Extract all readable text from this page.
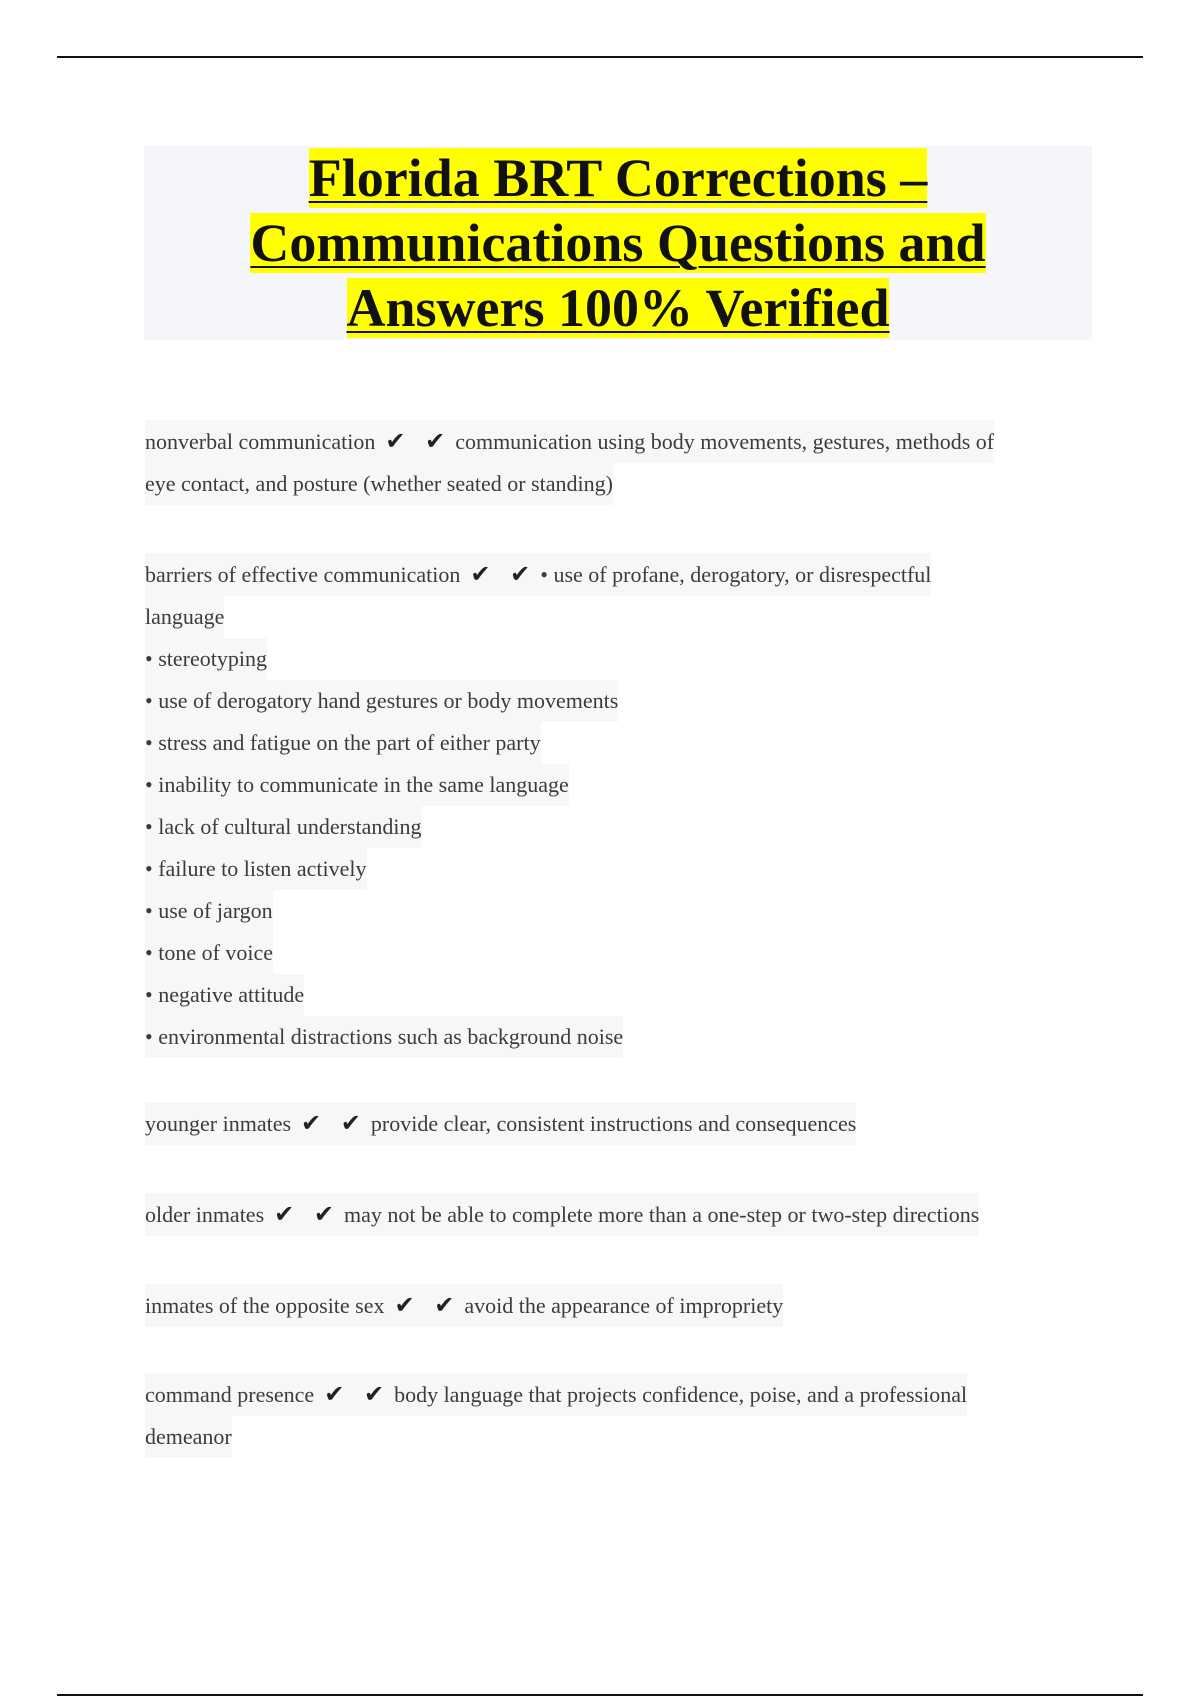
Florida BRT Corrections –
Communications Questions and
Answers 100% Verified
nonverbal communication ✔ ✔ communication using body movements, gestures, methods of
eye contact, and posture (whether seated or standing)
barriers of effective communication ✔ ✔ • use of profane, derogatory, or disrespectful
language
• stereotyping
• use of derogatory hand gestures or body movements
• stress and fatigue on the part of either party
• inability to communicate in the same language
• lack of cultural understanding
• failure to listen actively
• use of jargon
• tone of voice
• negative attitude
• environmental distractions such as background noise
younger inmates ✔ ✔ provide clear, consistent instructions and consequences
older inmates ✔ ✔ may not be able to complete more than a one-step or two-step directions
inmates of the opposite sex ✔ ✔ avoid the appearance of impropriety
command presence ✔ ✔ body language that projects confidence, poise, and a professional
demeanor
